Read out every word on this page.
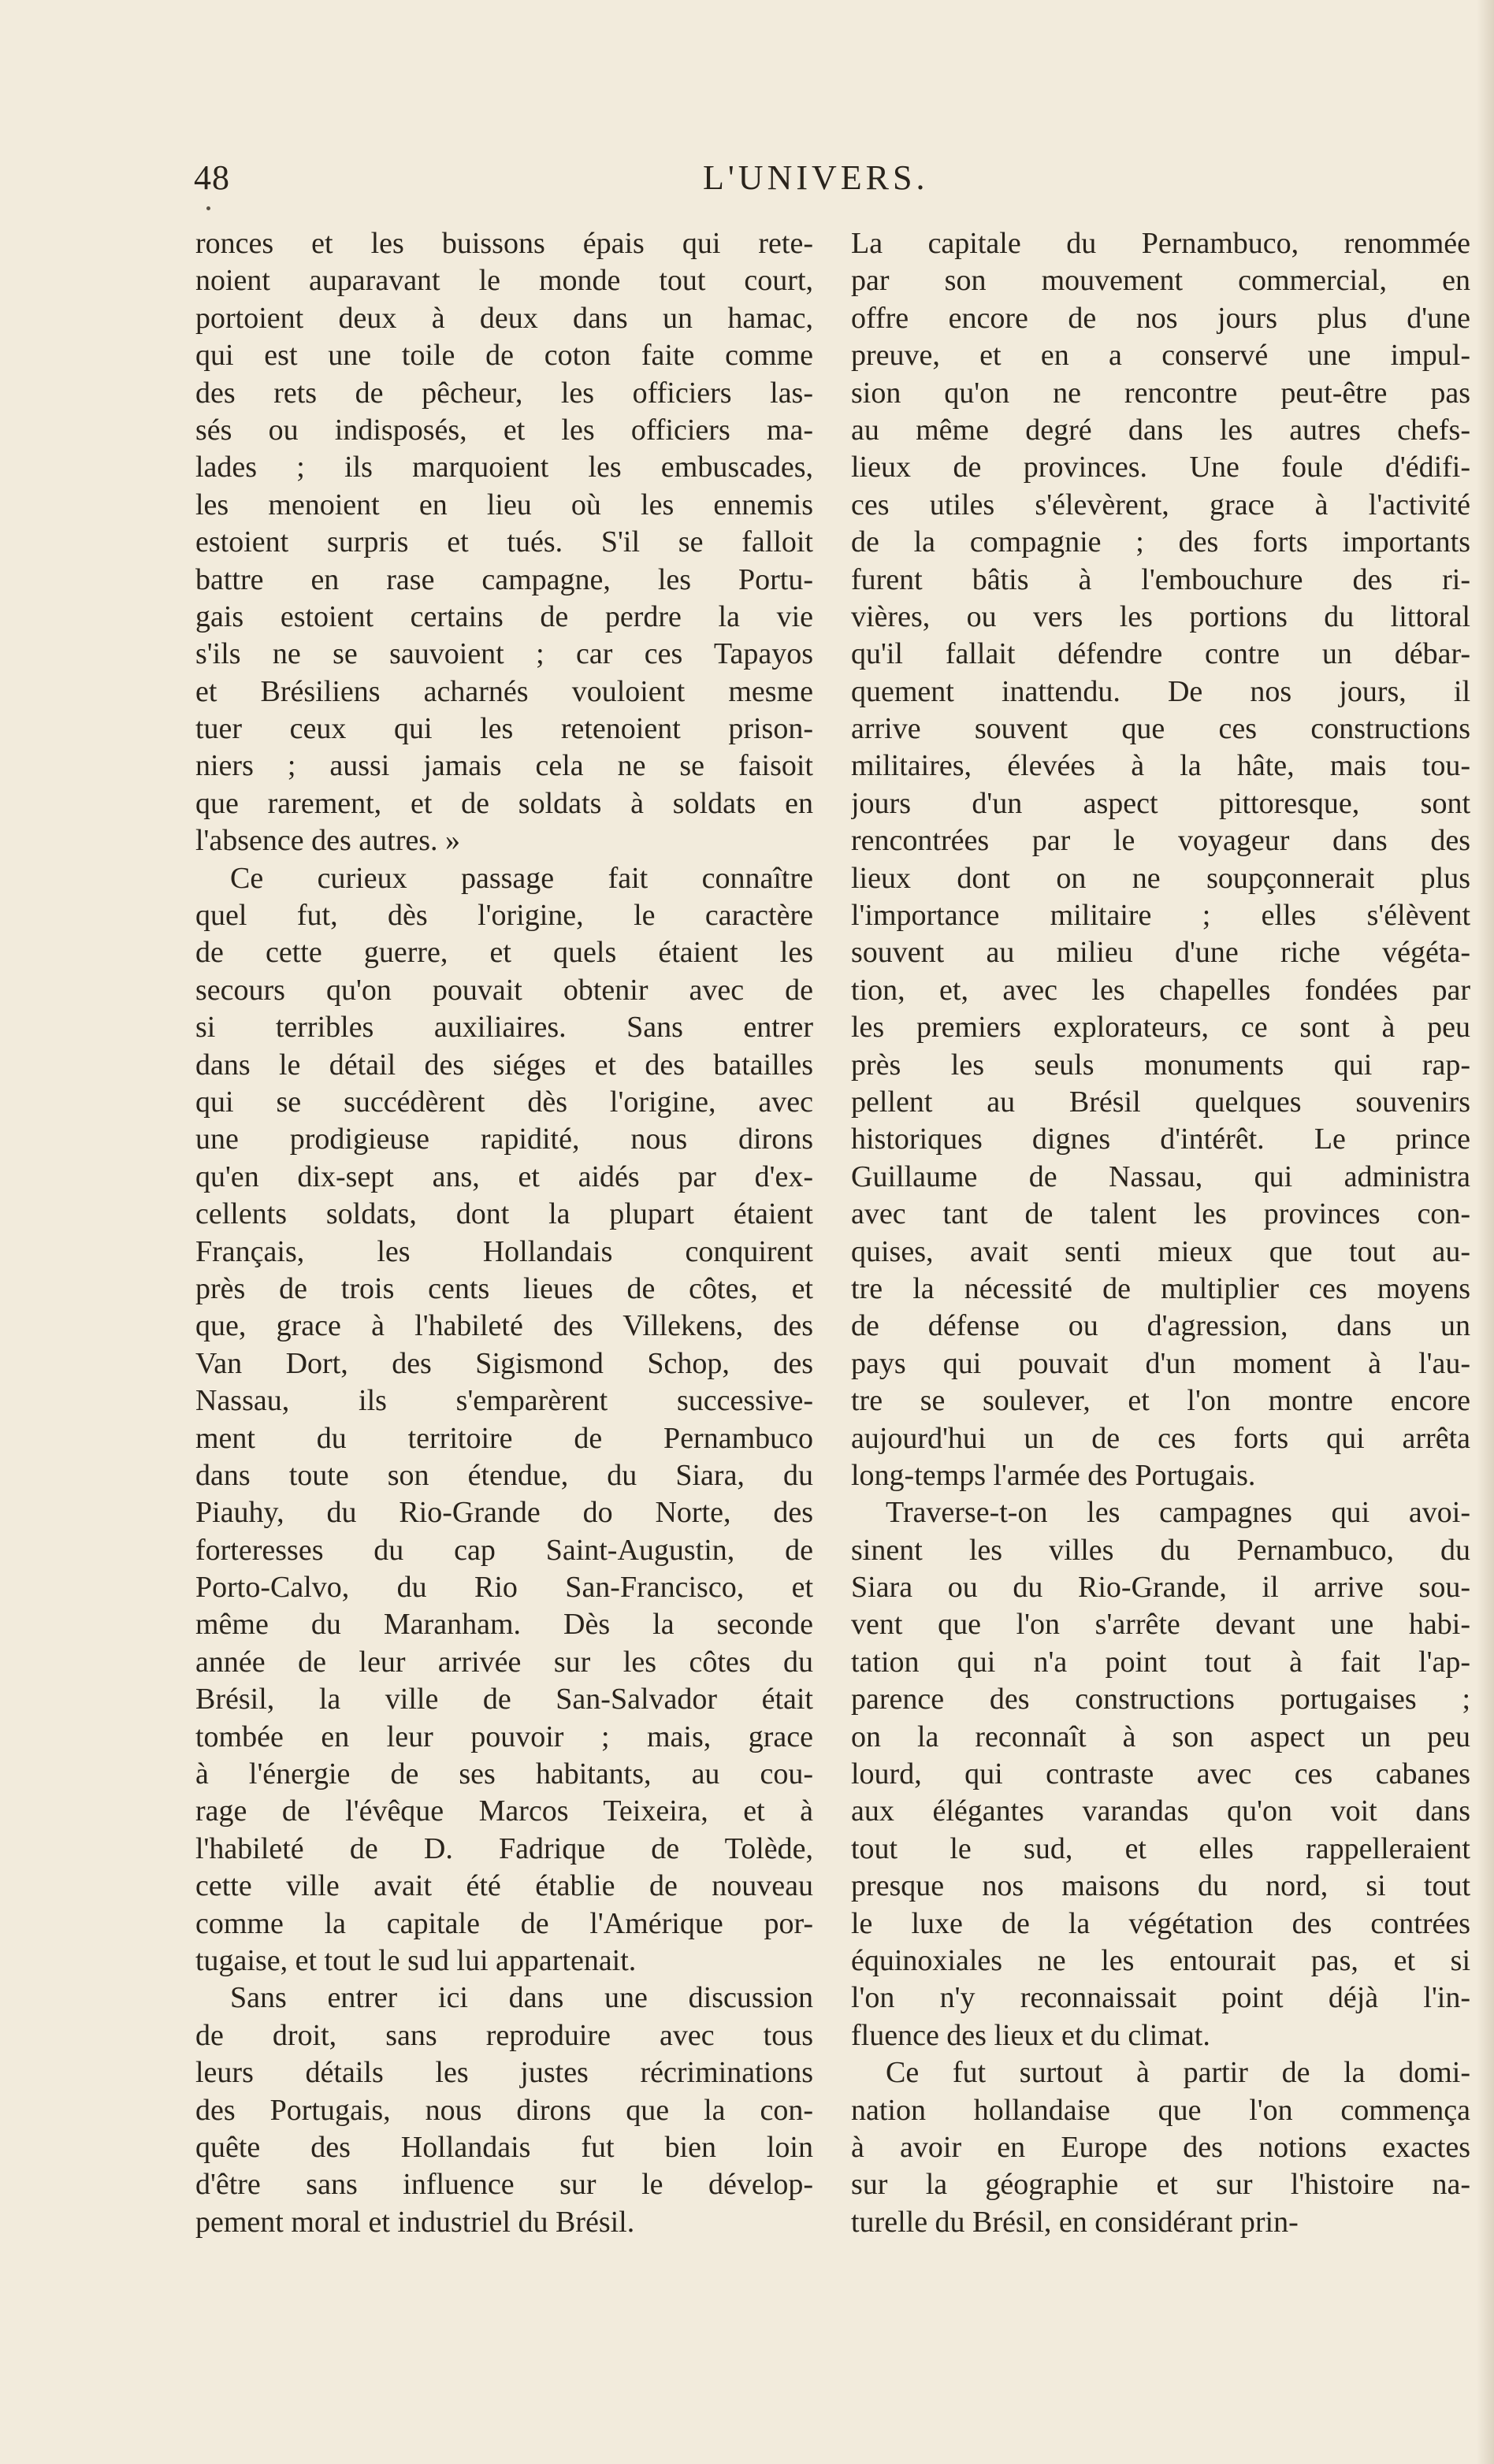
48	L'UNIVERS.
ronces et les buissons épais qui rete-
noient auparavant le monde tout court,
portoient deux à deux dans un hamac,
qui est une toile de coton faite comme
des rets de pêcheur, les officiers las-
sés ou indisposés, et les officiers ma-
lades ; ils marquoient les embuscades,
les menoient en lieu où les ennemis
estoient surpris et tués. S'il se falloit
battre en rase campagne, les Portu-
gais estoient certains de perdre la vie
s'ils ne se sauvoient ; car ces Tapayos
et Brésiliens acharnés vouloient mesme
tuer ceux qui les retenoient prison-
niers ; aussi jamais cela ne se faisoit
que rarement, et de soldats à soldats en
l'absence des autres. »
Ce curieux passage fait connaître
quel fut, dès l'origine, le caractère
de cette guerre, et quels étaient les
secours qu'on pouvait obtenir avec de
si terribles auxiliaires. Sans entrer
dans le détail des siéges et des batailles
qui se succédèrent dès l'origine, avec
une prodigieuse rapidité, nous dirons
qu'en dix-sept ans, et aidés par d'ex-
cellents soldats, dont la plupart étaient
Français, les Hollandais conquirent
près de trois cents lieues de côtes, et
que, grace à l'habileté des Villekens, des
Van Dort, des Sigismond Schop, des
Nassau, ils s'emparèrent successive-
ment du territoire de Pernambuco
dans toute son étendue, du Siara, du
Piauhy, du Rio-Grande do Norte, des
forteresses du cap Saint-Augustin, de
Porto-Calvo, du Rio San-Francisco, et
même du Maranham. Dès la seconde
année de leur arrivée sur les côtes du
Brésil, la ville de San-Salvador était
tombée en leur pouvoir ; mais, grace
à l'énergie de ses habitants, au cou-
rage de l'évêque Marcos Teixeira, et à
l'habileté de D. Fadrique de Tolède,
cette ville avait été établie de nouveau
comme la capitale de l'Amérique por-
tugaise, et tout le sud lui appartenait.
Sans entrer ici dans une discussion
de droit, sans reproduire avec tous
leurs détails les justes récriminations
des Portugais, nous dirons que la con-
quête des Hollandais fut bien loin
d'être sans influence sur le dévelop-
pement moral et industriel du Brésil.
La capitale du Pernambuco, renommée
par son mouvement commercial, en
offre encore de nos jours plus d'une
preuve, et en a conservé une impul-
sion qu'on ne rencontre peut-être pas
au même degré dans les autres chefs-
lieux de provinces. Une foule d'édifi-
ces utiles s'élevèrent, grace à l'activité
de la compagnie ; des forts importants
furent bâtis à l'embouchure des ri-
vières, ou vers les portions du littoral
qu'il fallait défendre contre un débar-
quement inattendu. De nos jours, il
arrive souvent que ces constructions
militaires, élevées à la hâte, mais tou-
jours d'un aspect pittoresque, sont
rencontrées par le voyageur dans des
lieux dont on ne soupçonnerait plus
l'importance militaire ; elles s'élèvent
souvent au milieu d'une riche végéta-
tion, et, avec les chapelles fondées par
les premiers explorateurs, ce sont à peu
près les seuls monuments qui rap-
pellent au Brésil quelques souvenirs
historiques dignes d'intérêt. Le prince
Guillaume de Nassau, qui administra
avec tant de talent les provinces con-
quises, avait senti mieux que tout au-
tre la nécessité de multiplier ces moyens
de défense ou d'agression, dans un
pays qui pouvait d'un moment à l'au-
tre se soulever, et l'on montre encore
aujourd'hui un de ces forts qui arrêta
long-temps l'armée des Portugais.
Traverse-t-on les campagnes qui avoi-
sinent les villes du Pernambuco, du
Siara ou du Rio-Grande, il arrive sou-
vent que l'on s'arrête devant une habi-
tation qui n'a point tout à fait l'ap-
parence des constructions portugaises ;
on la reconnaît à son aspect un peu
lourd, qui contraste avec ces cabanes
aux élégantes varandas qu'on voit dans
tout le sud, et elles rappelleraient
presque nos maisons du nord, si tout
le luxe de la végétation des contrées
équinoxiales ne les entourait pas, et si
l'on n'y reconnaissait point déjà l'in-
fluence des lieux et du climat.
Ce fut surtout à partir de la domi-
nation hollandaise que l'on commença
à avoir en Europe des notions exactes
sur la géographie et sur l'histoire na-
turelle du Brésil, en considérant prin-
